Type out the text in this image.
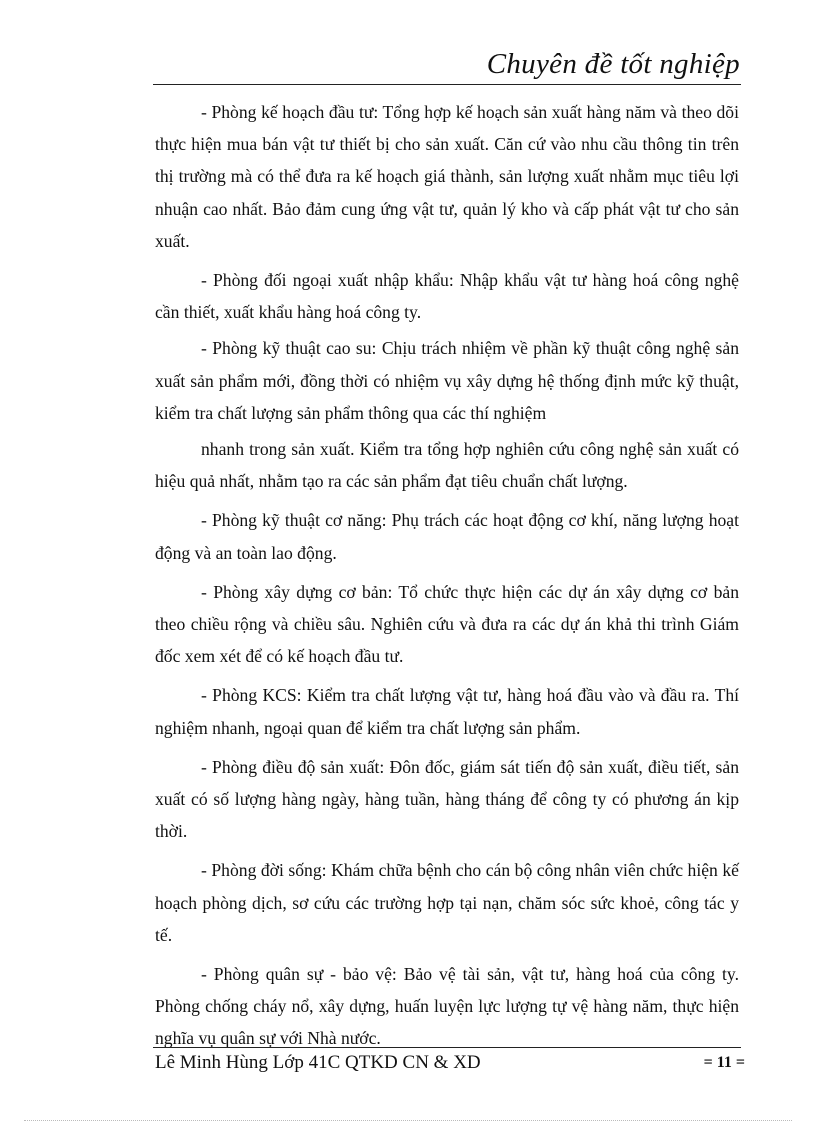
Chuyên đề tốt nghiệp

- Phòng kế hoạch đầu tư: Tổng hợp kế hoạch sản xuất hàng năm và theo dõi thực hiện mua bán vật tư thiết bị cho sản xuất. Căn cứ vào nhu cầu thông tin trên thị trường mà có thể đưa ra kế hoạch giá thành, sản lượng xuất nhằm mục tiêu lợi nhuận cao nhất. Bảo đảm cung ứng vật tư, quản lý kho và cấp phát vật tư cho sản xuất.

- Phòng đối ngoại xuất nhập khẩu: Nhập khẩu vật tư hàng hoá công nghệ cần thiết, xuất khẩu hàng hoá công ty.

- Phòng kỹ thuật cao su: Chịu trách nhiệm về phần kỹ thuật công nghệ sản xuất sản phẩm mới, đồng thời có nhiệm vụ xây dựng hệ thống định mức kỹ thuật, kiểm tra chất lượng sản phẩm thông qua các thí nghiệm

nhanh trong sản xuất. Kiểm tra tổng hợp nghiên cứu công nghệ sản xuất có hiệu quả nhất, nhằm tạo ra các sản phẩm đạt tiêu chuẩn chất lượng.

- Phòng kỹ thuật cơ năng: Phụ trách các hoạt động cơ khí, năng lượng hoạt động và an toàn lao động.

- Phòng xây dựng cơ bản: Tổ chức thực hiện các dự án xây dựng cơ bản theo chiều rộng và chiều sâu. Nghiên cứu và đưa ra các dự án khả thi trình Giám đốc xem xét để có kế hoạch đầu tư.

- Phòng KCS: Kiểm tra chất lượng vật tư, hàng hoá đầu vào và đầu ra. Thí nghiệm nhanh, ngoại quan để kiểm tra chất lượng sản phẩm.

- Phòng điều độ sản xuất: Đôn đốc, giám sát tiến độ sản xuất, điều tiết, sản xuất có số lượng hàng ngày, hàng tuần, hàng tháng để công ty có phương án kịp thời.

- Phòng đời sống: Khám chữa bệnh cho cán bộ công nhân viên chức hiện kế hoạch phòng dịch, sơ cứu các trường hợp tại nạn, chăm sóc sức khoẻ, công tác y tế.

- Phòng quân sự - bảo vệ: Bảo vệ tài sản, vật tư, hàng hoá của công ty. Phòng chống cháy nổ, xây dựng, huấn luyện lực lượng tự vệ hàng năm, thực hiện nghĩa vụ quân sự với Nhà nước.

Lê Minh Hùng Lớp 41C QTKD CN & XD	= 11 =
